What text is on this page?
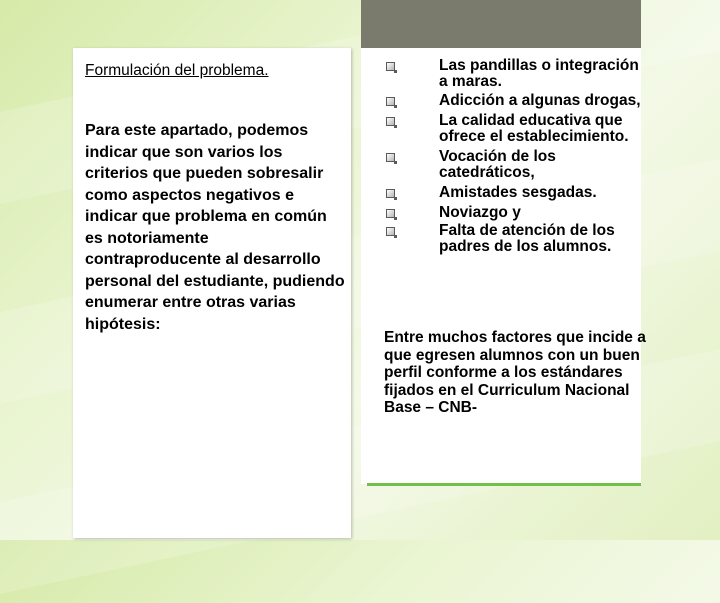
Formulación del problema.

Para este apartado, podemos indicar que son varios los criterios que pueden sobresalir como aspectos negativos e indicar que problema en común es notoriamente contraproducente al desarrollo personal del estudiante, pudiendo enumerar entre otras varias hipótesis:

Las pandillas o integración a maras.
Adicción a algunas drogas,
La calidad educativa que ofrece el establecimiento.
Vocación de los catedráticos,
Amistades sesgadas.
Noviazgo y
Falta de atención de los padres de los alumnos.

Entre muchos factores que incide a que egresen alumnos con un buen perfil conforme a los estándares fijados en el Curriculum Nacional Base – CNB-
